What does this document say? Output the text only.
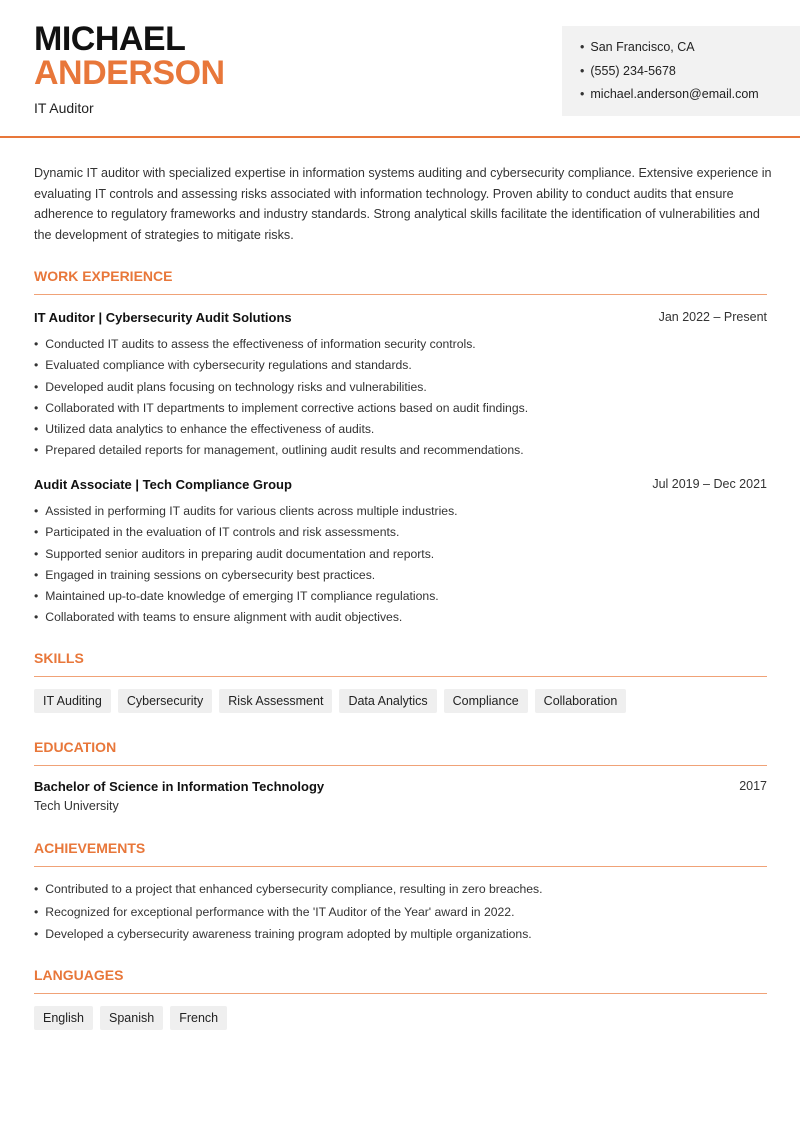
MICHAEL
ANDERSON
IT Auditor
• San Francisco, CA
• (555) 234-5678
• michael.anderson@email.com

Dynamic IT auditor with specialized expertise in information systems auditing and cybersecurity compliance. Extensive experience in evaluating IT controls and assessing risks associated with information technology. Proven ability to conduct audits that ensure adherence to regulatory frameworks and industry standards. Strong analytical skills facilitate the identification of vulnerabilities and the development of strategies to mitigate risks.

WORK EXPERIENCE
IT Auditor | Cybersecurity Audit Solutions	Jan 2022 – Present
• Conducted IT audits to assess the effectiveness of information security controls.
• Evaluated compliance with cybersecurity regulations and standards.
• Developed audit plans focusing on technology risks and vulnerabilities.
• Collaborated with IT departments to implement corrective actions based on audit findings.
• Utilized data analytics to enhance the effectiveness of audits.
• Prepared detailed reports for management, outlining audit results and recommendations.
Audit Associate | Tech Compliance Group	Jul 2019 – Dec 2021
• Assisted in performing IT audits for various clients across multiple industries.
• Participated in the evaluation of IT controls and risk assessments.
• Supported senior auditors in preparing audit documentation and reports.
• Engaged in training sessions on cybersecurity best practices.
• Maintained up-to-date knowledge of emerging IT compliance regulations.
• Collaborated with teams to ensure alignment with audit objectives.
SKILLS
IT Auditing	Cybersecurity	Risk Assessment	Data Analytics	Compliance	Collaboration
EDUCATION
Bachelor of Science in Information Technology	2017
Tech University
ACHIEVEMENTS
• Contributed to a project that enhanced cybersecurity compliance, resulting in zero breaches.
• Recognized for exceptional performance with the 'IT Auditor of the Year' award in 2022.
• Developed a cybersecurity awareness training program adopted by multiple organizations.
LANGUAGES
English	Spanish	French
